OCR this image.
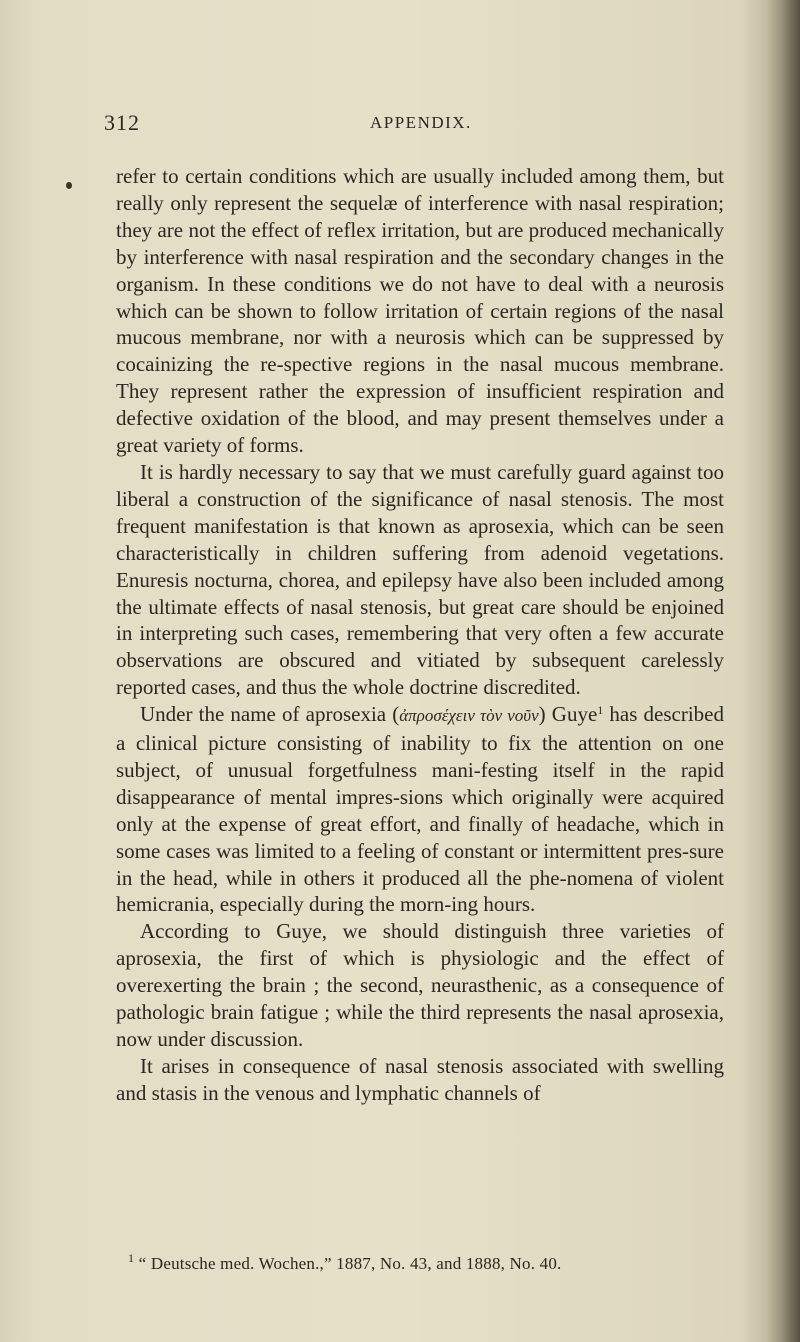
312	APPENDIX.

refer to certain conditions which are usually included among them, but really only represent the sequelæ of interference with nasal respiration; they are not the effect of reflex irritation, but are produced mechanically by interference with nasal respiration and the secondary changes in the organism. In these conditions we do not have to deal with a neurosis which can be shown to follow irritation of certain regions of the nasal mucous membrane, nor with a neurosis which can be suppressed by cocainizing the re-spective regions in the nasal mucous membrane. They represent rather the expression of insufficient respiration and defective oxidation of the blood, and may present themselves under a great variety of forms.

It is hardly necessary to say that we must carefully guard against too liberal a construction of the significance of nasal stenosis. The most frequent manifestation is that known as aprosexia, which can be seen characteristically in children suffering from adenoid vegetations. Enuresis nocturna, chorea, and epilepsy have also been included among the ultimate effects of nasal stenosis, but great care should be enjoined in interpreting such cases, remembering that very often a few accurate observations are obscured and vitiated by subsequent carelessly reported cases, and thus the whole doctrine discredited.

Under the name of aprosexia (ἀπροσέχειν τὸν νοῦν) Guye$^1$ has described a clinical picture consisting of inability to fix the attention on one subject, of unusual forgetfulness mani-festing itself in the rapid disappearance of mental impres-sions which originally were acquired only at the expense of great effort, and finally of headache, which in some cases was limited to a feeling of constant or intermittent pres-sure in the head, while in others it produced all the phe-nomena of violent hemicrania, especially during the morn-ing hours.

According to Guye, we should distinguish three varieties of aprosexia, the first of which is physiologic and the effect of overexerting the brain ; the second, neurasthenic, as a consequence of pathologic brain fatigue ; while the third represents the nasal aprosexia, now under discussion.

It arises in consequence of nasal stenosis associated with swelling and stasis in the venous and lymphatic channels of

$^1$ “ Deutsche med. Wochen.,” 1887, No. 43, and 1888, No. 40.
